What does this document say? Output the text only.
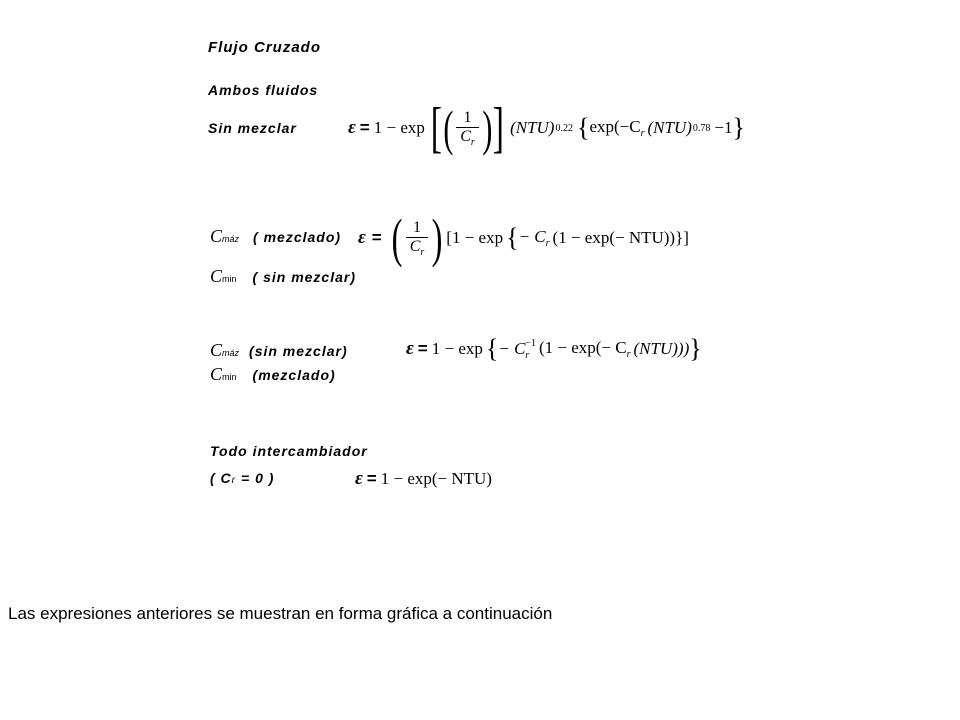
Flujo Cruzado
Ambos fluidos
Sin mezclar	ε = 1 − exp [ ( $\frac{1}{C_r}$ ) ] (NTU) 0.22 { $\exp(-C_r$ (NTU) 0.78 −1 }
C máz ( mezclado)
C min ( sin mezclar)
ε = ( $\frac{1}{C_r}$ ) [1 − exp { − $C_r$ (1 − exp(− NTU))}]
C máz (sin mezclar)
C min (mezclado)
ε = 1 − exp { − $C_r^{-1}$ ($1 - \exp(- C_r$ (NTU))) }
Todo intercambiador
( C r = 0 )	ε = 1 − exp(− NTU)
Las expresiones anteriores se muestran en forma gráfica a continuación
